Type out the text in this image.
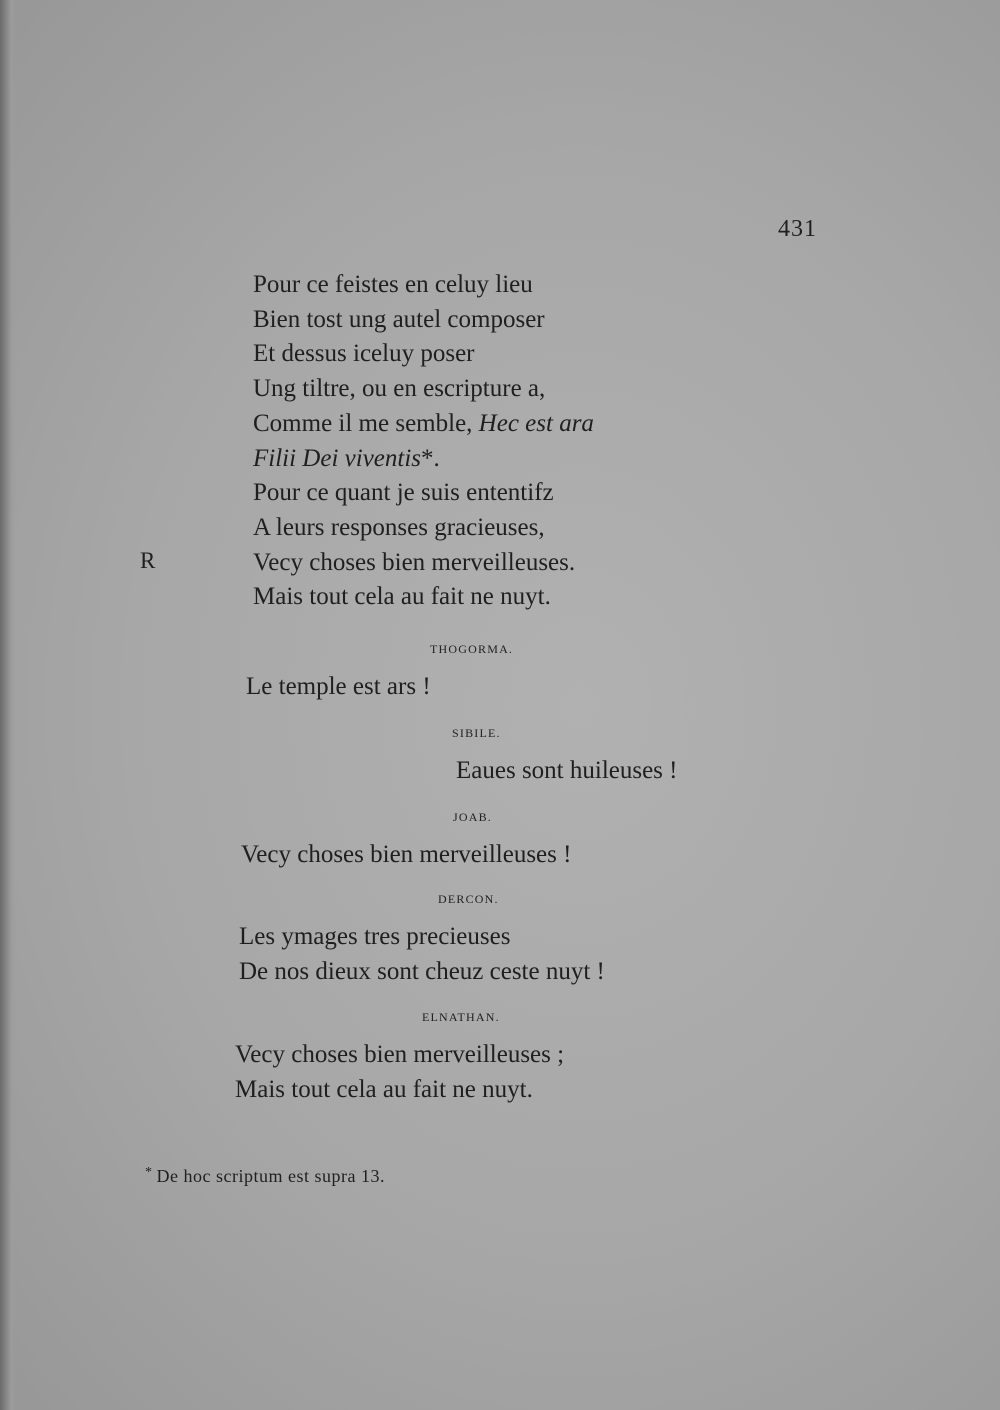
431
Pour ce feistes en celuy lieu
Bien tost ung autel composer
Et dessus iceluy poser
Ung tiltre, ou en escripture a,
Comme il me semble, Hec est ara
Filii Dei viventis*.
Pour ce quant je suis ententifz
A leurs responses gracieuses,
Vecy choses bien merveilleuses.
Mais tout cela au fait ne nuyt.
R
THOGORMA.
Le temple est ars !
SIBILE.
Eaues sont huileuses !
JOAB.
Vecy choses bien merveilleuses !
DERCON.
Les ymages tres precieuses
De nos dieux sont cheuz ceste nuyt !
ELNATHAN.
Vecy choses bien merveilleuses ;
Mais tout cela au fait ne nuyt.
* De hoc scriptum est supra 13.
